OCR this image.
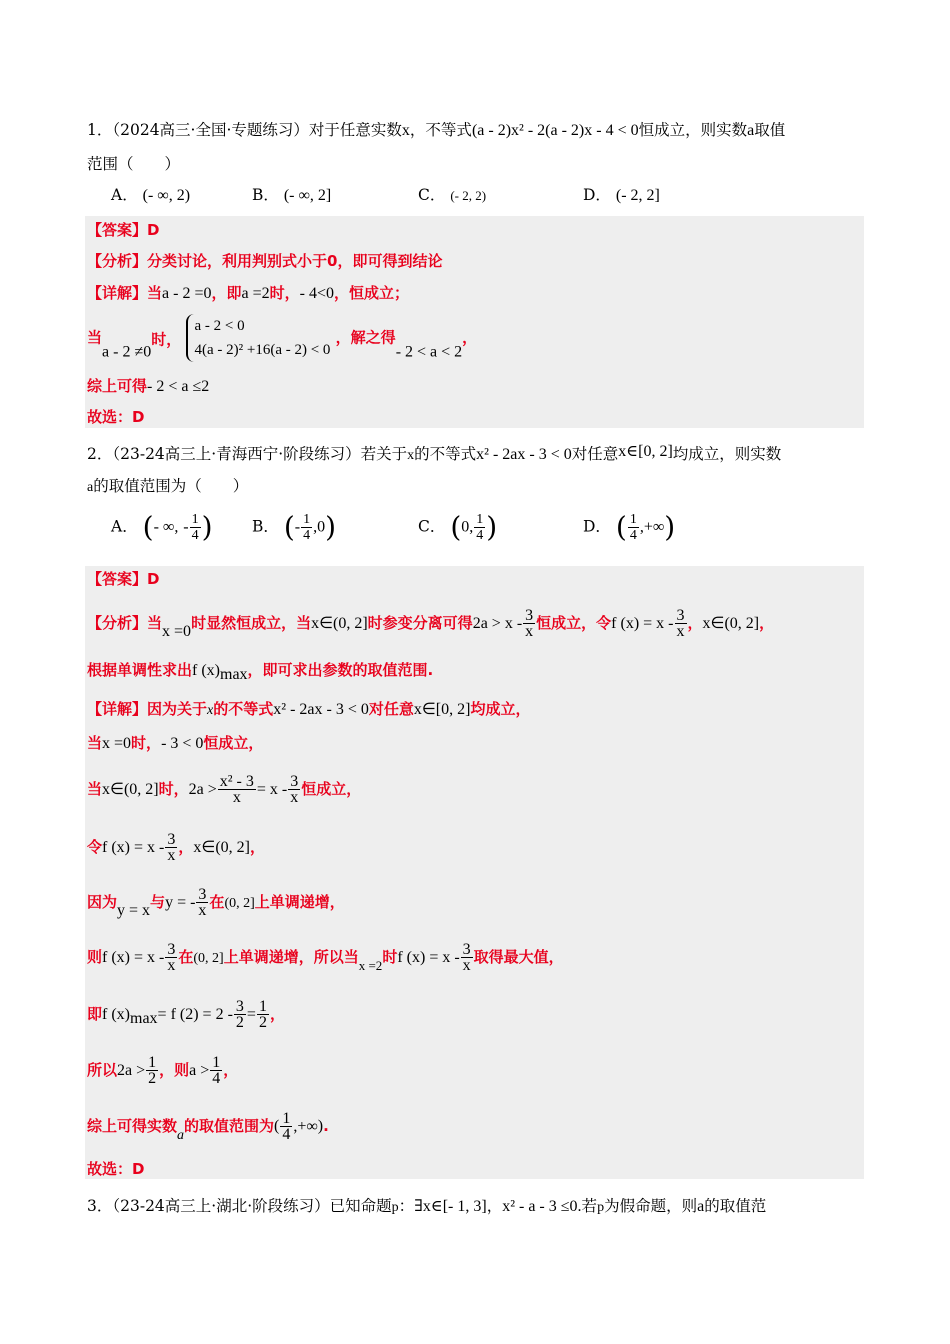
1．（2024高三·全国·专题练习）对于任意实数x，不等式(a - 2)x² - 2(a - 2)x - 4 < 0恒成立，则实数a取值
范围（　　）
A． (- ∞, 2)	B． (- ∞, 2]	C． (- 2, 2)	D． (- 2, 2]
【答案】D
【分析】分类讨论，利用判别式小于0，即可得到结论
【详解】当a - 2 =0，即a =2时，- 4<0，恒成立；
当a - 2 ≠0时，
a - 2 < 0
4(a - 2)² +16(a - 2) < 0
，解之得- 2 < a < 2，
综上可得- 2 < a ≤2
故选：D
2．（23-24高三上·青海西宁·阶段练习）若关于x的不等式x² - 2ax - 3 < 0对任意x∈[0, 2]均成立，则实数
a的取值范围为（　　）
A． (- ∞, - $\frac{1}{4}$ )	B． (- $\frac{1}{4} ,0$)	C． (0, $\frac{1}{4}$ )	D． ( $\frac{1}{4}$ ,+∞)
【答案】D
【分析】当x =0时显然恒成立，当x∈(0, 2]时参变分离可得$2a > x - \frac{3}{x}$ 恒成立，令f $(x) = x - \frac{3}{x}$ ，x∈(0, 2]，
根据单调性求出f (x)max，即可求出参数的取值范围.
【详解】因为关于x的不等式x² - 2ax - 3 < 0对任意x∈[0, 2]均成立，
当x =0时，- 3 < 0恒成立，
当x∈(0, 2]时，$2a > \frac{\text{x² - 3}}{x} = x - \frac{3}{x}$ 恒成立，
令f $(x) = x - \frac{3}{x}$ ，x∈(0, 2]，
因为y = x与y = - $\frac{3}{x}$ 在(0, 2]上单调递增，
则f $(x) = x - \frac{3}{x}$ 在(0, 2]上单调递增，所以当x =2时f $(x) = x - \frac{3}{x}$ 取得最大值，
即f (x)max= f $(2) = 2 - \frac{3}{2} = \frac{1}{2}$ ，
所以$2a > \frac{1}{2}$ ，则$a > \frac{1}{4}$ ，
综上可得实数a的取值范围为( $\frac{1}{4}$ ,+∞).
故选：D
3．（23-24高三上·湖北·阶段练习）已知命题p：∃x∈[- 1, 3]，x² - a - 3 ≤0.若p为假命题，则a的取值范
